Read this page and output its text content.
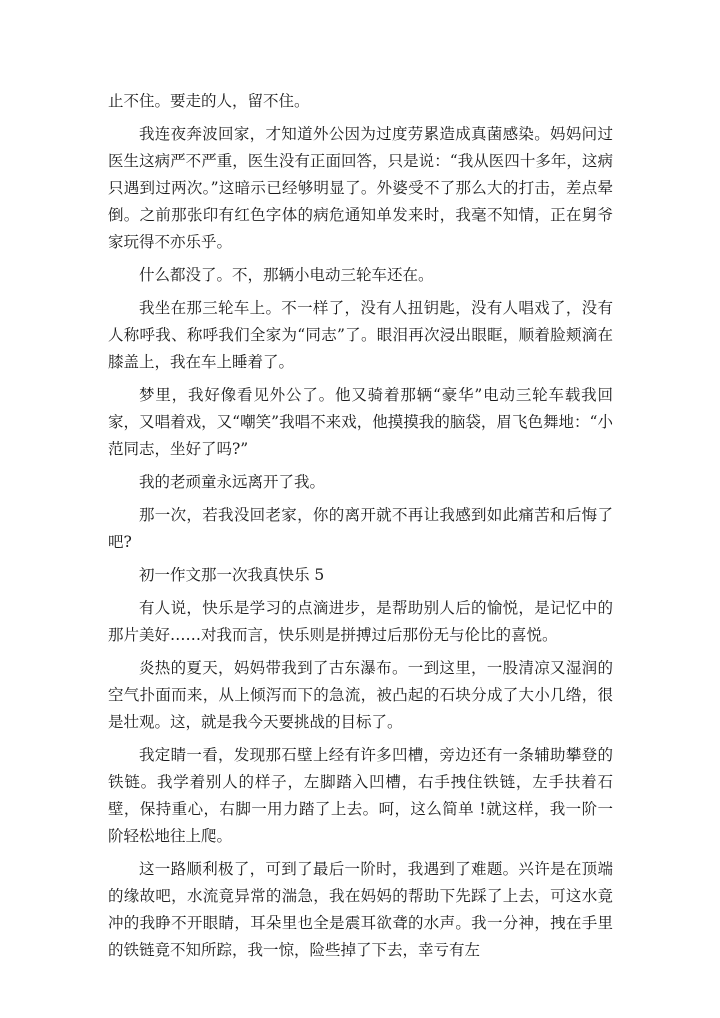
止不住。要走的人，留不住。

我连夜奔波回家，才知道外公因为过度劳累造成真菌感染。妈妈问过医生这病严不严重，医生没有正面回答，只是说：“我从医四十多年，这病只遇到过两次。”这暗示已经够明显了。外婆受不了那么大的打击，差点晕倒。之前那张印有红色字体的病危通知单发来时，我毫不知情，正在舅爷家玩得不亦乐乎。

什么都没了。不，那辆小电动三轮车还在。

我坐在那三轮车上。不一样了，没有人扭钥匙，没有人唱戏了，没有人称呼我、称呼我们全家为“同志”了。眼泪再次浸出眼眶，顺着脸颊滴在膝盖上，我在车上睡着了。

梦里，我好像看见外公了。他又骑着那辆“豪华”电动三轮车载我回家，又唱着戏，又“嘲笑”我唱不来戏，他摸摸我的脑袋，眉飞色舞地：“小范同志，坐好了吗?”

我的老顽童永远离开了我。

那一次，若我没回老家，你的离开就不再让我感到如此痛苦和后悔了吧?

初一作文那一次我真快乐 5

有人说，快乐是学习的点滴进步，是帮助别人后的愉悦，是记忆中的那片美好……对我而言，快乐则是拼搏过后那份无与伦比的喜悦。

炎热的夏天，妈妈带我到了古东瀑布。一到这里，一股清凉又湿润的空气扑面而来，从上倾泻而下的急流，被凸起的石块分成了大小几绺，很是壮观。这，就是我今天要挑战的目标了。

我定睛一看，发现那石壁上经有许多凹槽，旁边还有一条辅助攀登的铁链。我学着别人的样子，左脚踏入凹槽，右手拽住铁链，左手扶着石壁，保持重心，右脚一用力踏了上去。呵，这么简单 !就这样，我一阶一阶轻松地往上爬。

这一路顺利极了，可到了最后一阶时，我遇到了难题。兴许是在顶端的缘故吧，水流竟异常的湍急，我在妈妈的帮助下先踩了上去，可这水竟冲的我睁不开眼睛，耳朵里也全是震耳欲聋的水声。我一分神，拽在手里的铁链竟不知所踪，我一惊，险些掉了下去，幸亏有左
